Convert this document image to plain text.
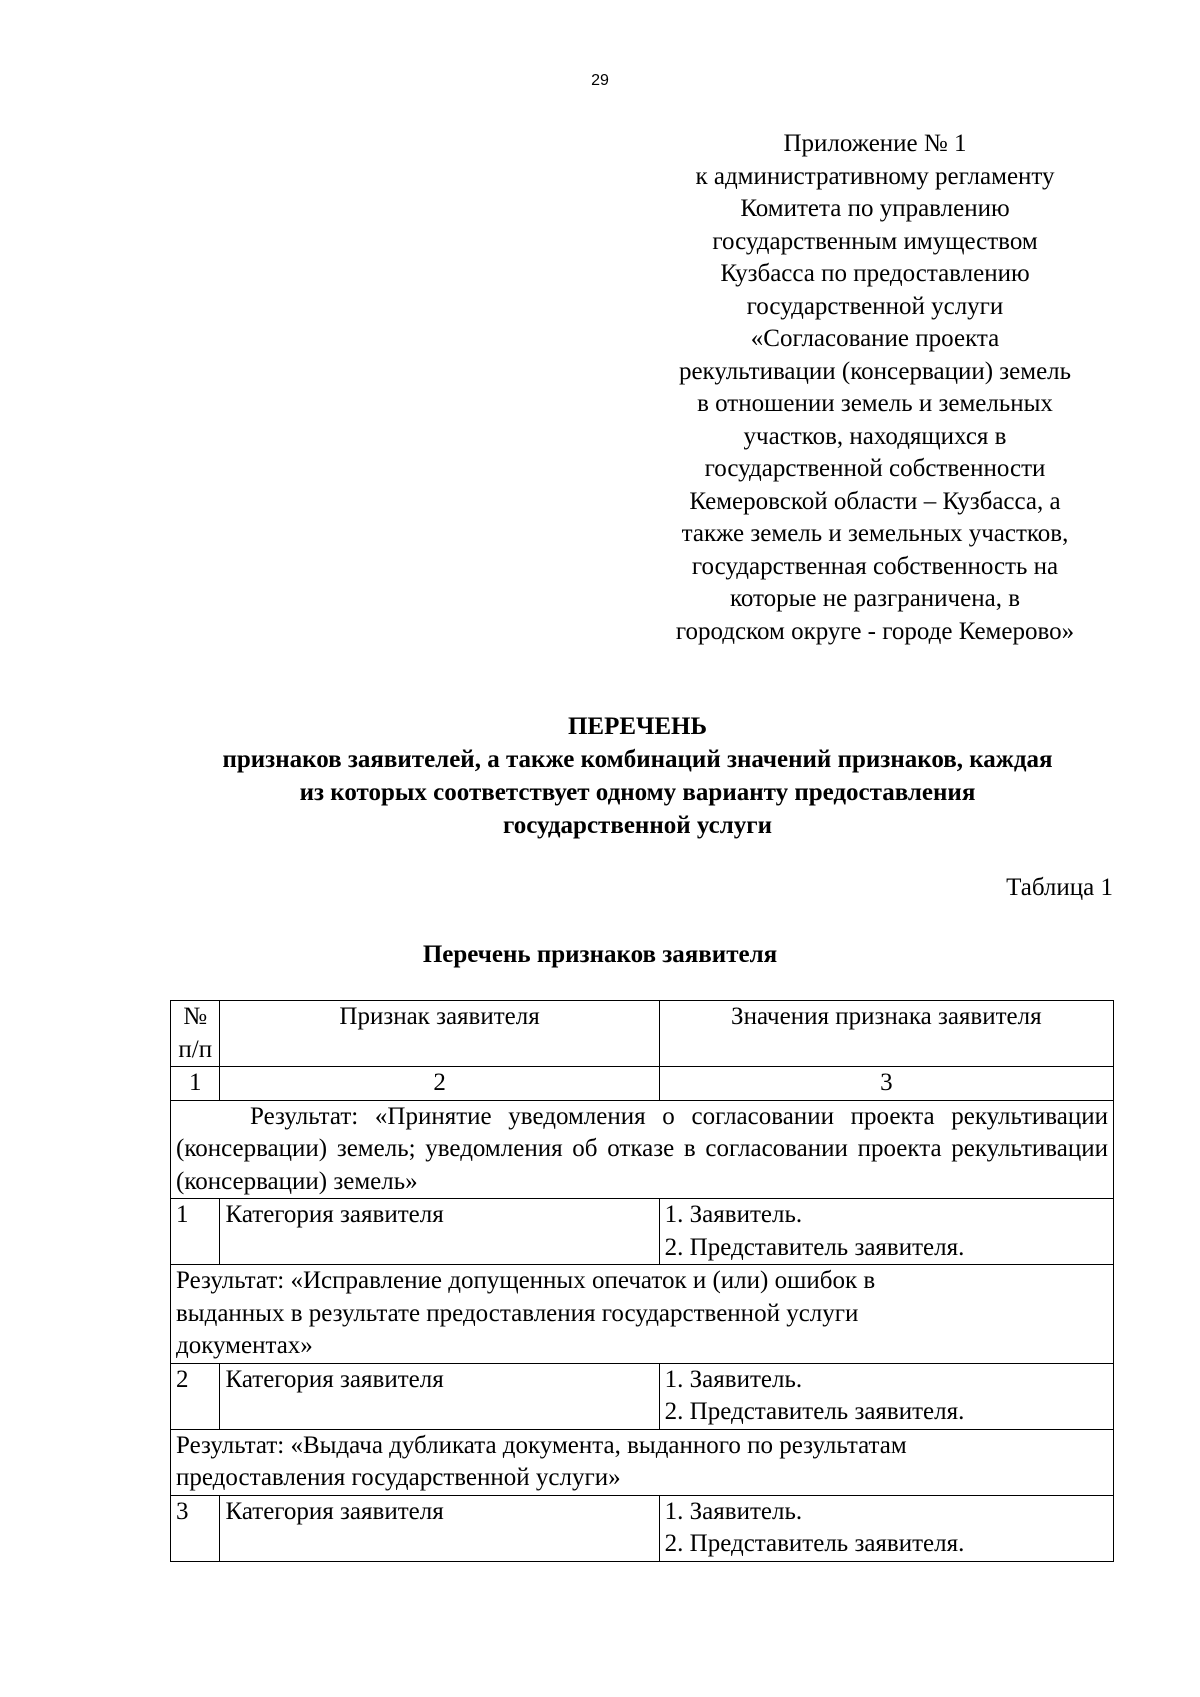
29
Приложение № 1
к административному регламенту
Комитета по управлению
государственным имуществом
Кузбасса по предоставлению
государственной услуги
«Согласование проекта
рекультивации (консервации) земель
в отношении земель и земельных
участков, находящихся в
государственной собственности
Кемеровской области – Кузбасса, а
также земель и земельных участков,
государственная собственность на
которые не разграничена, в
городском округе - городе Кемерово»
ПЕРЕЧЕНЬ
признаков заявителей, а также комбинаций значений признаков, каждая
из которых соответствует одному варианту предоставления
государственной услуги
Таблица 1
Перечень признаков заявителя
№
п/п	Признак заявителя	Значения признака заявителя
1	2	3

Результат: «Принятие уведомления о согласовании проекта рекультивации (консервации) земель; уведомления об отказе в согласовании проекта рекультивации (консервации) земель»		

1	Категория заявителя	1. Заявитель.
2. Представитель заявителя.

Результат: «Исправление допущенных опечаток и (или) ошибок в
выданных в результате предоставления государственной услуги
документах»		

2	Категория заявителя	1. Заявитель.
2. Представитель заявителя.

Результат: «Выдача дубликата документа, выданного по результатам
предоставления государственной услуги»		

3	Категория заявителя	1. Заявитель.
2. Представитель заявителя.
